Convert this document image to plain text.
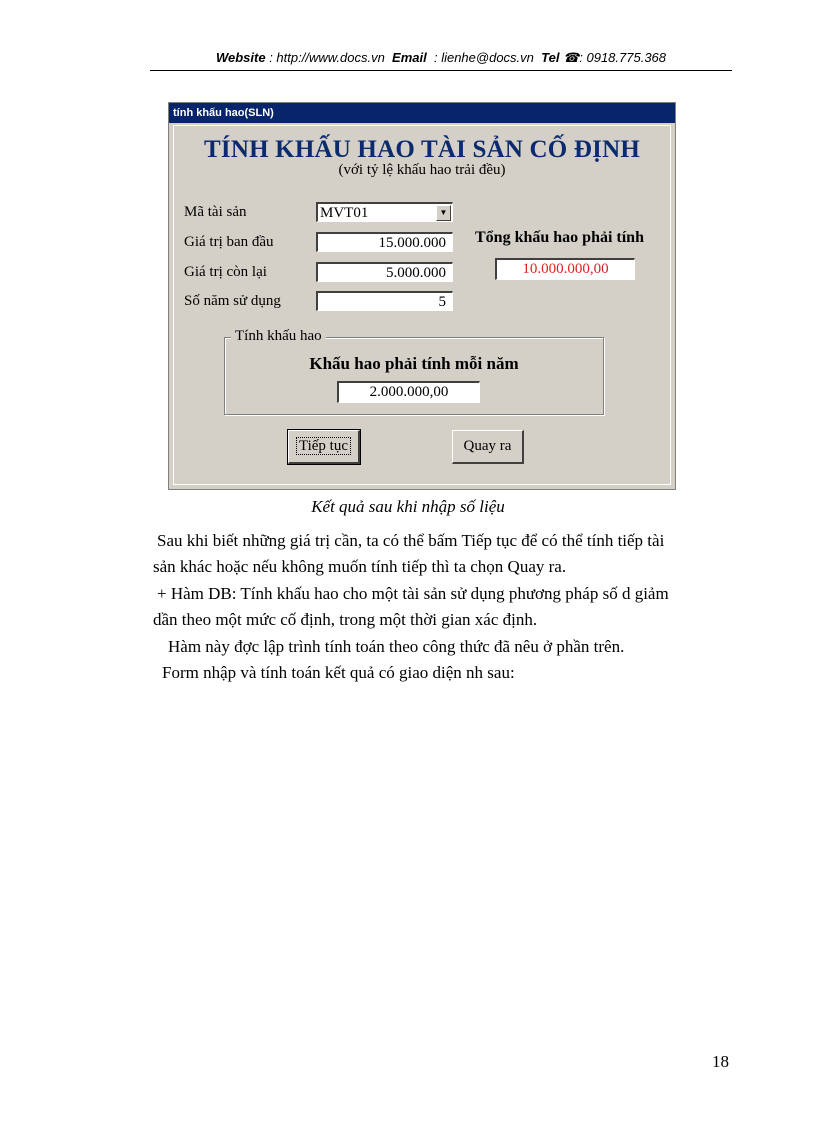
Website : http://www.docs.vn Email : lienhe@docs.vn Tel ☎: 0918.775.368
tính khấu hao(SLN)
TÍNH KHẤU HAO TÀI SẢN CỐ ĐỊNH
(với tỷ lệ khấu hao trải đều)
Mã tài sản	MVT01	▼
Giá trị ban đầu	15.000.000
Giá trị còn lại	5.000.000
Số năm sử dụng	5
Tổng khấu hao phải tính
10.000.000,00
Tính khấu hao
Khấu hao phải tính mỗi năm
2.000.000,00
Tiếp tục	Quay ra
Kết quả sau khi nhập số liệu
Sau khi biết những giá trị cần, ta có thể bấm Tiếp tục để có thể tính tiếp tài
sản khác hoặc nếu không muốn tính tiếp thì ta chọn Quay ra.
+ Hàm DB: Tính khấu hao cho một tài sản sử dụng phương pháp số d giảm
dần theo một mức cố định, trong một thời gian xác định.
Hàm này đợc lập trình tính toán theo công thức đã nêu ở phần trên.
Form nhập và tính toán kết quả có giao diện nh sau:
18
